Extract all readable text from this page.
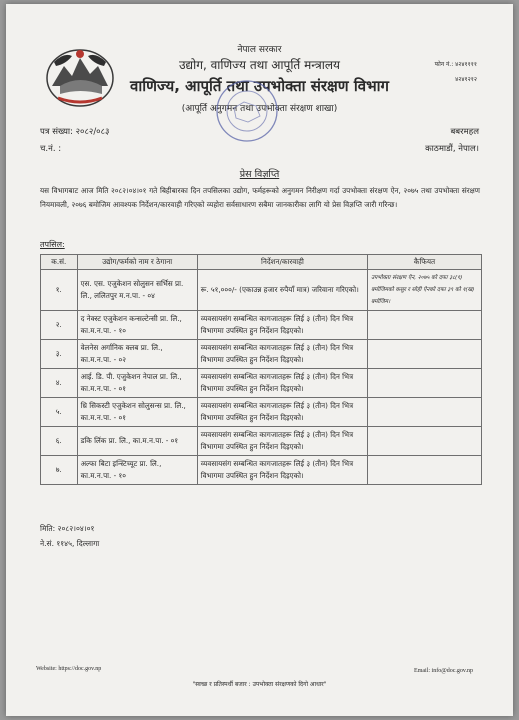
नेपाल सरकार
उद्योग, वाणिज्य तथा आपूर्ति मन्त्रालय
वाणिज्य, आपूर्ति तथा उपभोक्ता संरक्षण विभाग
(आपूर्ति अनुगमन तथा उपभोक्ता संरक्षण शाखा)
फोन नं.: ४२४११११
४२४१२१२
पत्र संख्या: २०८२/०८३
च.नं. :
बबरमहल
काठमाडौं, नेपाल।
प्रेस विज्ञप्ति
यस विभागबाट आज मिति २०८२।०४।०१ गते बिहीबारका दिन तपसिलका उद्योग, फर्महरूको अनुगमन निरीक्षण गर्दा उपभोक्ता संरक्षण ऐन, २०७५ तथा उपभोक्ता संरक्षण नियमावली, २०७६ बमोजिम आवश्यक निर्देशन/कारवाही गरिएको व्यहोरा सर्वसाधारण सबैमा जानकारीका लागि यो प्रेस विज्ञप्ति जारी गरिन्छ।
तपसिल:
क.सं.	उद्योग/फर्मको नाम र ठेगाना	निर्देशन/कारवाही	कैफियत
१.	एस. एस. एजुकेशन सोलुसन सर्भिस प्रा. लि., ललितपुर म.न.पा. - ०४	रू. ५१,०००/- (एकाउन्न हजार रुपैयाँ मात्र) जरिवाना गरिएको।	उपभोक्ता संरक्षण ऐन, २०७५ को दफा ३८(१) बमोजिमको कसुर र सोही ऐनको दफा ३९ को १(ख) बमोजिम।
२.	द नेक्स्ट एजुकेशन कन्सल्टेन्सी प्रा. लि., का.म.न.पा. - १०	व्यवसायसंग सम्बन्धित कागजातहरू लिई ३ (तीन) दिन भित्र विभागमा उपस्थित हुन निर्देशन दिइएको।	
३.	वेलनेस अर्गानिक क्लब प्रा. लि., का.म.न.पा. - ०२	व्यवसायसंग सम्बन्धित कागजातहरू लिई ३ (तीन) दिन भित्र विभागमा उपस्थित हुन निर्देशन दिइएको।	
४.	आई. डि. पी. एजुकेशन नेपाल प्रा. लि., का.म.न.पा. - ०१	व्यवसायसंग सम्बन्धित कागजातहरू लिई ३ (तीन) दिन भित्र विभागमा उपस्थित हुन निर्देशन दिइएको।	
५.	थ्रि सिकस्टी एजुकेशन सोलुसन्स प्रा. लि., का.म.न.पा. - ०१	व्यवसायसंग सम्बन्धित कागजातहरू लिई ३ (तीन) दिन भित्र विभागमा उपस्थित हुन निर्देशन दिइएको।	
६.	डकि लिंक प्रा. लि., का.म.न.पा. - ०१	व्यवसायसंग सम्बन्धित कागजातहरू लिई ३ (तीन) दिन भित्र विभागमा उपस्थित हुन निर्देशन दिइएको।	
७.	अल्फा बिटा इन्स्टिच्यूट प्रा. लि., का.म.न.पा. - १०	व्यवसायसंग सम्बन्धित कागजातहरू लिई ३ (तीन) दिन भित्र विभागमा उपस्थित हुन निर्देशन दिइएको।	
मिति: २०८२।०४।०१
ने.सं. ११४५, दिल्लागा
Website: https://doc.gov.np	Email: info@doc.gov.np
"स्वच्छ र प्रतिस्पर्धी बजार : उपभोक्ता संरक्षणको दिगो आधार"
